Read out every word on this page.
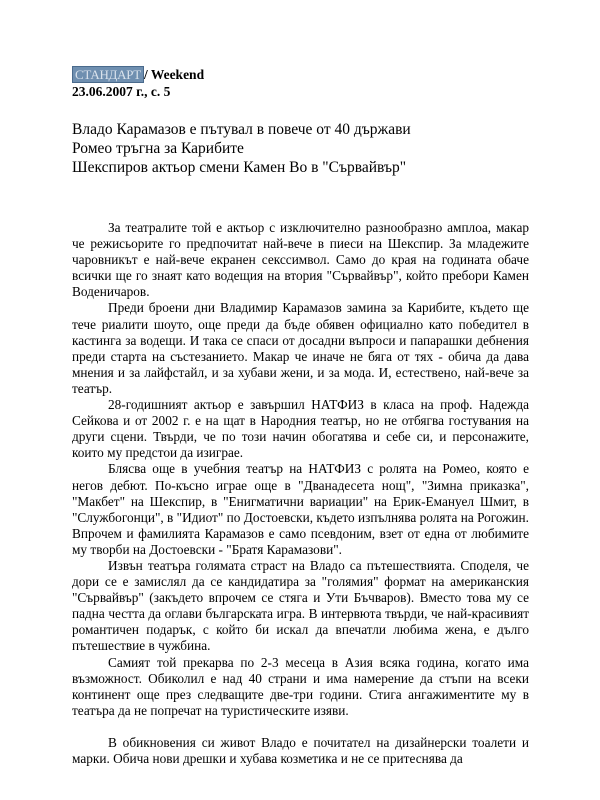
СТАНДАРТ / Weekend
23.06.2007 г., с. 5
Владо Карамазов е пътувал в повече от 40 държави
Ромео тръгна за Карибите
Шекспиров актьор смени Камен Во в "Сървайвър"

За театралите той е актьор с изключително разнообразно амплоа, макар че режисьорите го предпочитат най-вече в пиеси на Шекспир. За младежите чаровникът е най-вече екранен сексcимвол. Само до края на годината обаче всички ще го знаят като водещия на втория "Сървайвър", който пребори Камен Воденичаров.

Преди броени дни Владимир Карамазов замина за Карибите, където ще тече риалити шоуто, още преди да бъде обявен официално като победител в кастинга за водещи. И така се спаси от досадни въпроси и папарашки дебнения преди старта на състезанието. Макар че иначе не бяга от тях - обича да дава мнения и за лайфстайл, и за хубави жени, и за мода. И, естествено, най-вече за театър.

28-годишният актьор е завършил НАТФИЗ в класа на проф. Надежда Сейкова и от 2002 г. е на щат в Народния театър, но не отбягва гостувания на други сцени. Твърди, че по този начин обогатява и себе си, и персонажите, които му предстои да изиграе.

Блясва още в учебния театър на НАТФИЗ с ролята на Ромео, която е негов дебют. По-късно играе още в "Дванадесета нощ", "Зимна приказка", "Макбет" на Шекспир, в "Енигматични вариации" на Ерик-Емануел Шмит, в "Службогонци", в "Идиот" по Достоевски, където изпълнява ролята на Рогожин. Впрочем и фамилията Карамазов е само псевдоним, взет от една от любимите му творби на Достоевски - "Братя Карамазови".

Извън театъра голямата страст на Владо са пътешествията. Споделя, че дори се е замислял да се кандидатира за "голямия" формат на американския "Сървайвър" (закъдето впрочем се стяга и Ути Бъчваров). Вместо това му се падна честта да оглави българската игра. В интервюта твърди, че най-красивият романтичен подарък, с който би искал да впечатли любима жена, е дълго пътешествие в чужбина.

Самият той прекарва по 2-3 месеца в Азия всяка година, когато има възможност. Обиколил е над 40 страни и има намерение да стъпи на всеки континент още през следващите две-три години. Стига ангажиментите му в театъра да не попречат на туристическите изяви.

В обикновения си живот Владо е почитател на дизайнерски тоалети и марки. Обича нови дрешки и хубава козметика и не се притеснява да
